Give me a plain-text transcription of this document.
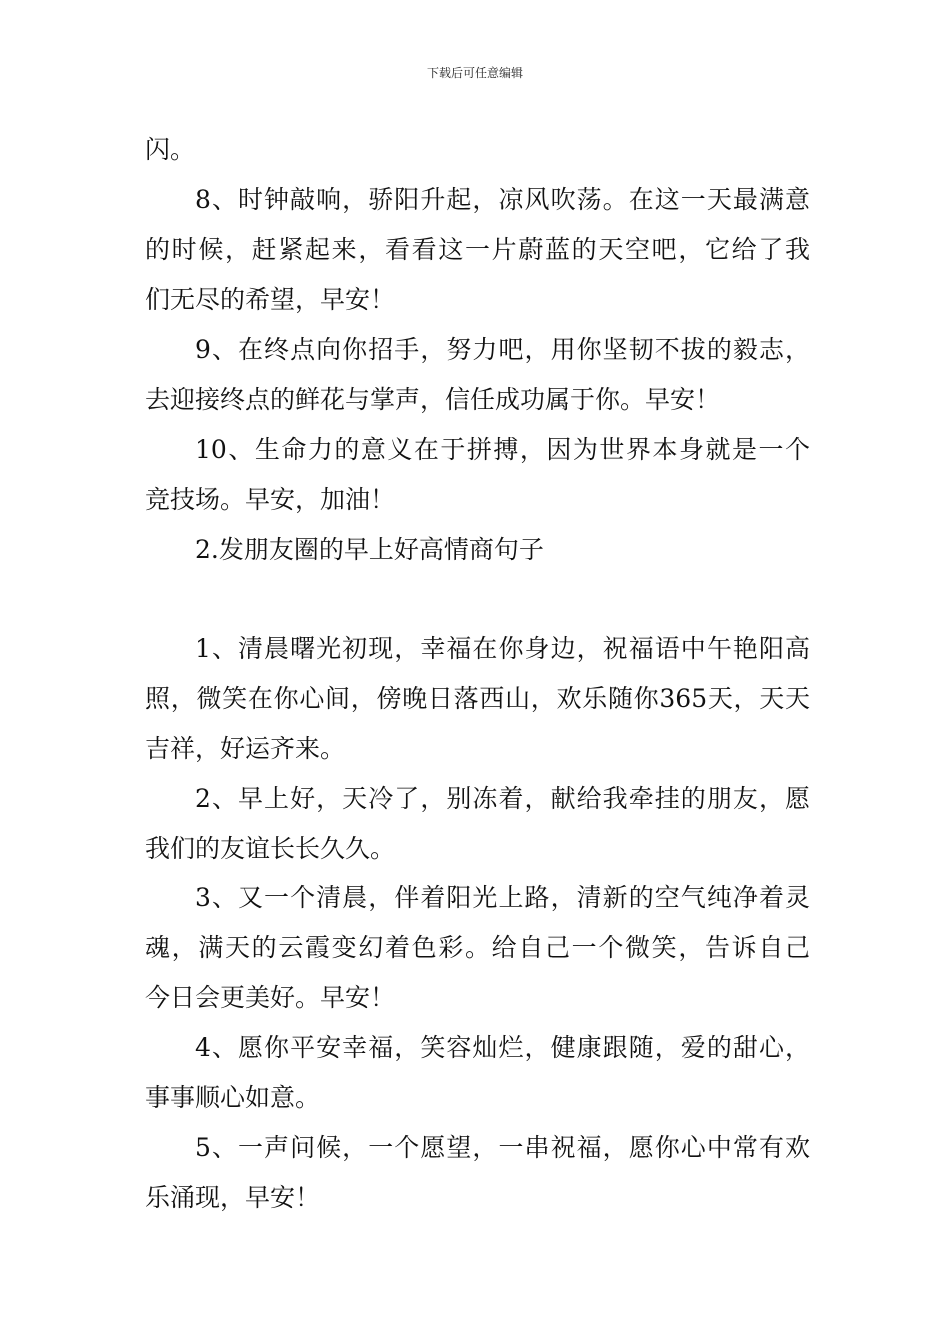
下载后可任意编辑
闪。
8、时钟敲响，骄阳升起，凉风吹荡。在这一天最满意
的时候，赶紧起来，看看这一片蔚蓝的天空吧，它给了我
们无尽的希望，早安！
9、在终点向你招手，努力吧，用你坚韧不拔的毅志，
去迎接终点的鲜花与掌声，信任成功属于你。早安！
10、生命力的意义在于拼搏，因为世界本身就是一个
竞技场。早安，加油！
2.发朋友圈的早上好高情商句子
1、清晨曙光初现，幸福在你身边，祝福语中午艳阳高
照，微笑在你心间，傍晚日落西山，欢乐随你365天，天天
吉祥，好运齐来。
2、早上好，天冷了，别冻着，献给我牵挂的朋友，愿
我们的友谊长长久久。
3、又一个清晨，伴着阳光上路，清新的空气纯净着灵
魂，满天的云霞变幻着色彩。给自己一个微笑，告诉自己
今日会更美好。早安！
4、愿你平安幸福，笑容灿烂，健康跟随，爱的甜心，
事事顺心如意。
5、一声问候，一个愿望，一串祝福，愿你心中常有欢
乐涌现，早安！
